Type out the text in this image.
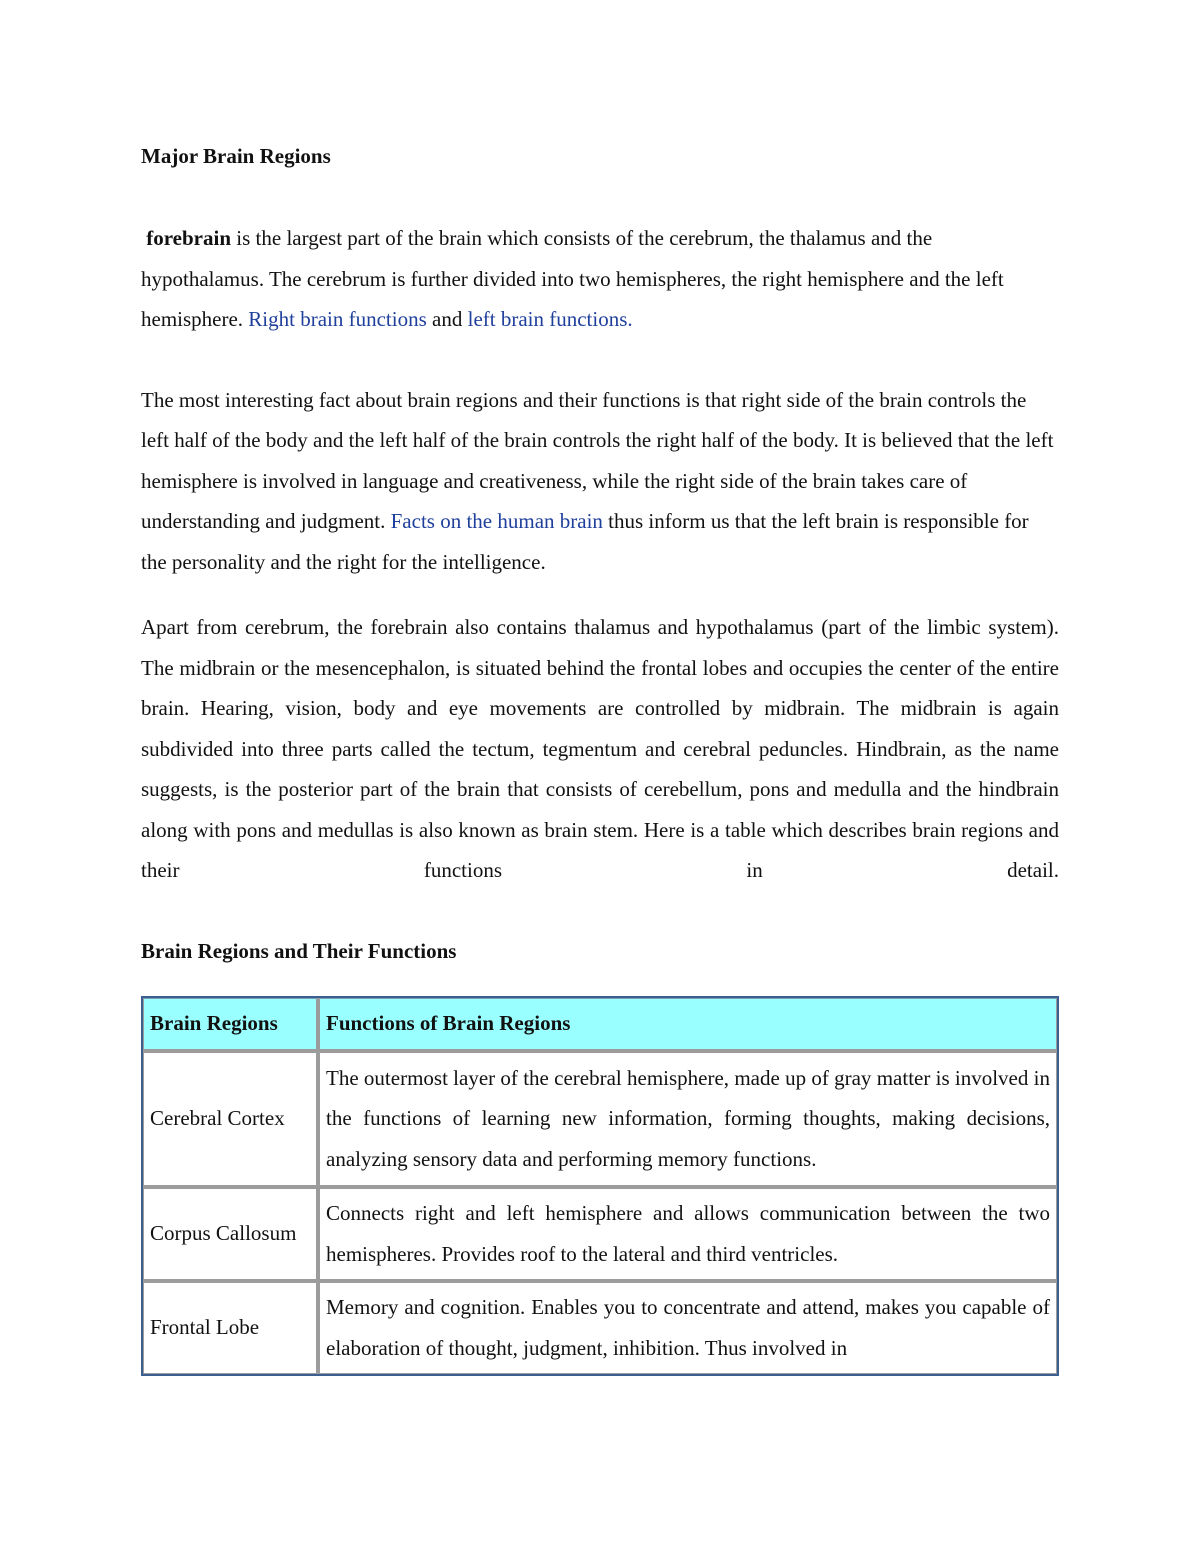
Major Brain Regions

forebrain is the largest part of the brain which consists of the cerebrum, the thalamus and the hypothalamus. The cerebrum is further divided into two hemispheres, the right hemisphere and the left hemisphere. Right brain functions and left brain functions.

The most interesting fact about brain regions and their functions is that right side of the brain controls the left half of the body and the left half of the brain controls the right half of the body. It is believed that the left hemisphere is involved in language and creativeness, while the right side of the brain takes care of understanding and judgment. Facts on the human brain thus inform us that the left brain is responsible for the personality and the right for the intelligence.

Apart from cerebrum, the forebrain also contains thalamus and hypothalamus (part of the limbic system). The midbrain or the mesencephalon, is situated behind the frontal lobes and occupies the center of the entire brain. Hearing, vision, body and eye movements are controlled by midbrain. The midbrain is again subdivided into three parts called the tectum, tegmentum and cerebral peduncles. Hindbrain, as the name suggests, is the posterior part of the brain that consists of cerebellum, pons and medulla and the hindbrain along with pons and medullas is also known as brain stem. Here is a table which describes brain regions and their functions in detail.

Brain Regions and Their Functions
Brain Regions	Functions of Brain Regions
Cerebral Cortex	The outermost layer of the cerebral hemisphere, made up of gray matter is involved in the functions of learning new information, forming thoughts, making decisions, analyzing sensory data and performing memory functions.
Corpus Callosum	Connects right and left hemisphere and allows communication between the two hemispheres. Provides roof to the lateral and third ventricles.
Frontal Lobe	Memory and cognition. Enables you to concentrate and attend, makes you capable of elaboration of thought, judgment, inhibition. Thus involved in
